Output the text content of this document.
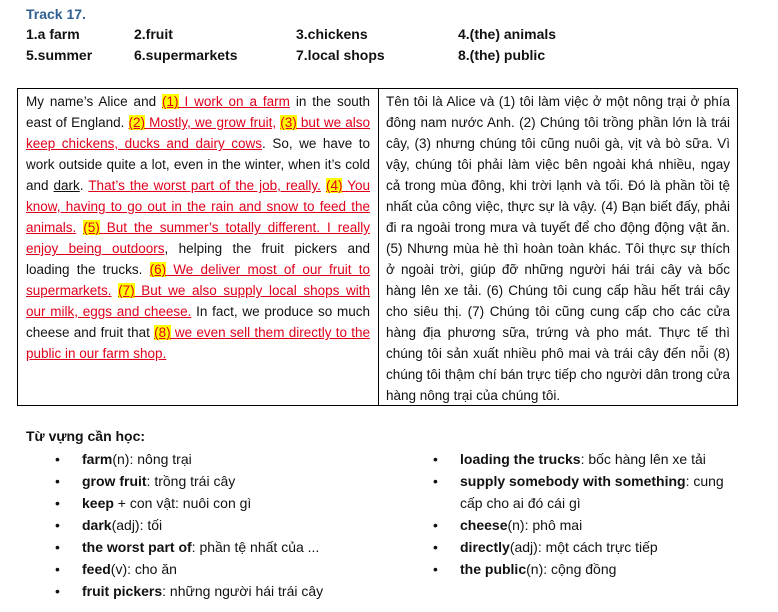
Track 17.
1.a farm	2.fruit	3.chickens	4.(the) animals
5.summer	6.supermarkets	7.local shops	8.(the) public
My name’s Alice and (1) I work on a farm in the south east of England. (2) Mostly, we grow fruit, (3) but we also keep chickens, ducks and dairy cows. So, we have to work outside quite a lot, even in the winter, when it’s cold and dark. That’s the worst part of the job, really. (4) You know, having to go out in the rain and snow to feed the animals. (5) But the summer’s totally different. I really enjoy being outdoors, helping the fruit pickers and loading the trucks. (6) We deliver most of our fruit to supermarkets. (7) But we also supply local shops with our milk, eggs and cheese. In fact, we produce so much cheese and fruit that (8) we even sell them directly to the public in our farm shop.
Tên tôi là Alice và (1) tôi làm việc ở một nông trại ở phía đông nam nước Anh. (2) Chúng tôi trồng phần lớn là trái cây, (3) nhưng chúng tôi cũng nuôi gà, vịt và bò sữa. Vì vậy, chúng tôi phải làm việc bên ngoài khá nhiều, ngay cả trong mùa đông, khi trời lạnh và tối. Đó là phần tồi tệ nhất của công việc, thực sự là vậy. (4) Bạn biết đấy, phải đi ra ngoài trong mưa và tuyết để cho động động vật ăn. (5) Nhưng mùa hè thì hoàn toàn khác. Tôi thực sự thích ở ngoài trời, giúp đỡ những người hái trái cây và bốc hàng lên xe tải. (6) Chúng tôi cung cấp hầu hết trái cây cho siêu thị. (7) Chúng tôi cũng cung cấp cho các cửa hàng địa phương sữa, trứng và pho mát. Thực tế thì chúng tôi sản xuất nhiều phô mai và trái cây đến nỗi (8) chúng tôi thậm chí bán trực tiếp cho người dân trong cửa hàng nông trại của chúng tôi.
Từ vựng cần học:
• farm(n): nông trại
• grow fruit: trồng trái cây
• keep + con vật: nuôi con gì
• dark(adj): tối
• the worst part of: phần tệ nhất của ...
• feed(v): cho ăn
• fruit pickers: những người hái trái cây
• loading the trucks: bốc hàng lên xe tải
• supply somebody with something: cung cấp cho ai đó cái gì
• cheese(n): phô mai
• directly(adj): một cách trực tiếp
• the public(n): cộng đồng
